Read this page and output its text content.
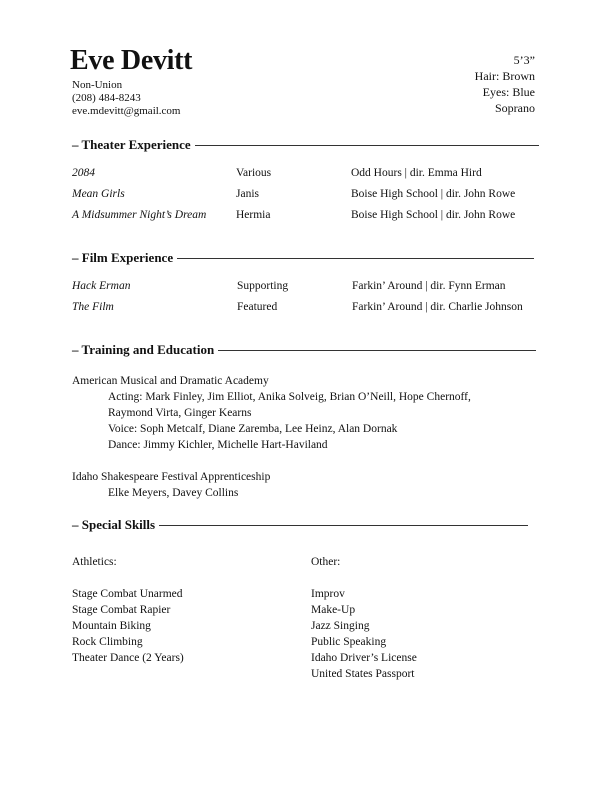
Eve Devitt
Non-Union
(208) 484-8243
eve.mdevitt@gmail.com
5’3”
Hair: Brown
Eyes: Blue
Soprano
– Theater Experience
2084	Various	Odd Hours | dir. Emma Hird
Mean Girls	Janis	Boise High School | dir. John Rowe
A Midsummer Night’s Dream	Hermia	Boise High School | dir. John Rowe
– Film Experience
Hack Erman	Supporting	Farkin’ Around | dir. Fynn Erman
The Film	Featured	Farkin’ Around | dir. Charlie Johnson
– Training and Education
American Musical and Dramatic Academy
Acting: Mark Finley, Jim Elliot, Anika Solveig, Brian O’Neill, Hope Chernoff,
Raymond Virta, Ginger Kearns
Voice: Soph Metcalf, Diane Zaremba, Lee Heinz, Alan Dornak
Dance: Jimmy Kichler, Michelle Hart-Haviland
Idaho Shakespeare Festival Apprenticeship
Elke Meyers, Davey Collins
– Special Skills
Athletics:
Stage Combat Unarmed
Stage Combat Rapier
Mountain Biking
Rock Climbing
Theater Dance (2 Years)
Other:
Improv
Make-Up
Jazz Singing
Public Speaking
Idaho Driver’s License
United States Passport
